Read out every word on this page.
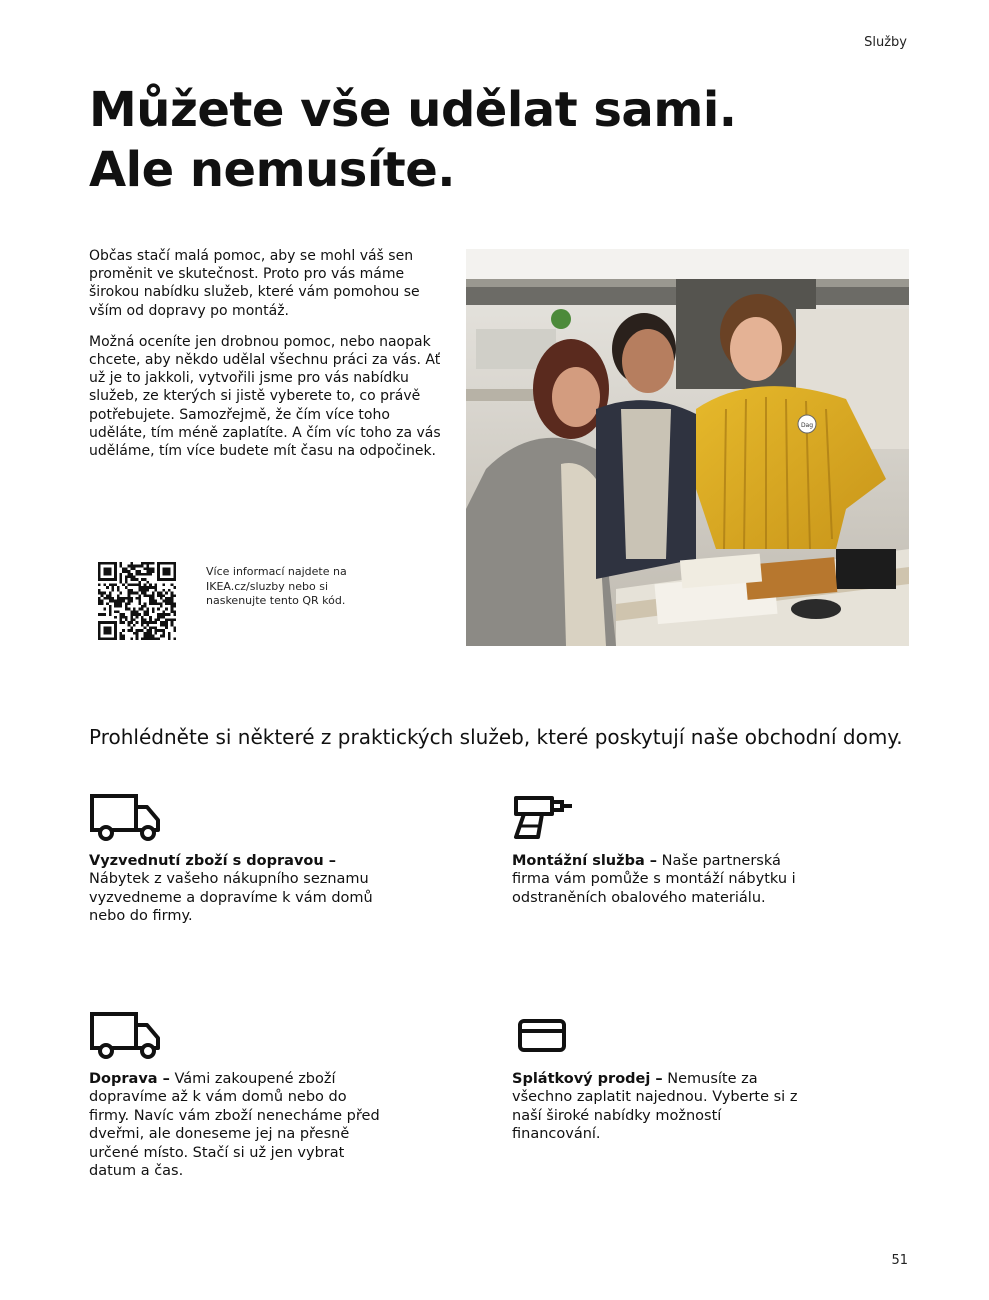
Služby
Můžete vše udělat sami.
Ale nemusíte.

Občas stačí malá pomoc, aby se mohl váš sen proměnit ve skutečnost. Proto pro vás máme širokou nabídku služeb, které vám pomohou se vším od dopravy po montáž.

Možná oceníte jen drobnou pomoc, nebo naopak chcete, aby někdo udělal všechnu práci za vás. Ať už je to jakkoli, vytvořili jsme pro vás nabídku služeb, ze kterých si jistě vyberete to, co právě potřebujete. Samozřejmě, že čím více toho uděláte, tím méně zaplatíte. A čím víc toho za vás uděláme, tím více budete mít času na odpočinek.

Více informací najdete na IKEA.cz/sluzby nebo si naskenujte tento QR kód.
Dag
Prohlédněte si některé z praktických služeb, které poskytují naše obchodní domy.
Vyzvednutí zboží s dopravou – Nábytek z vašeho nákupního seznamu vyzvedneme a dopravíme k vám domů nebo do firmy.
Montážní služba – Naše partnerská firma vám pomůže s montáží nábytku i odstraněních obalového materiálu.
Doprava – Vámi zakoupené zboží dopravíme až k vám domů nebo do firmy. Navíc vám zboží nenecháme před dveřmi, ale doneseme jej na přesně určené místo. Stačí si už jen vybrat datum a čas.
Splátkový prodej – Nemusíte za všechno zaplatit najednou. Vyberte si z naší široké nabídky možností financování.
51
